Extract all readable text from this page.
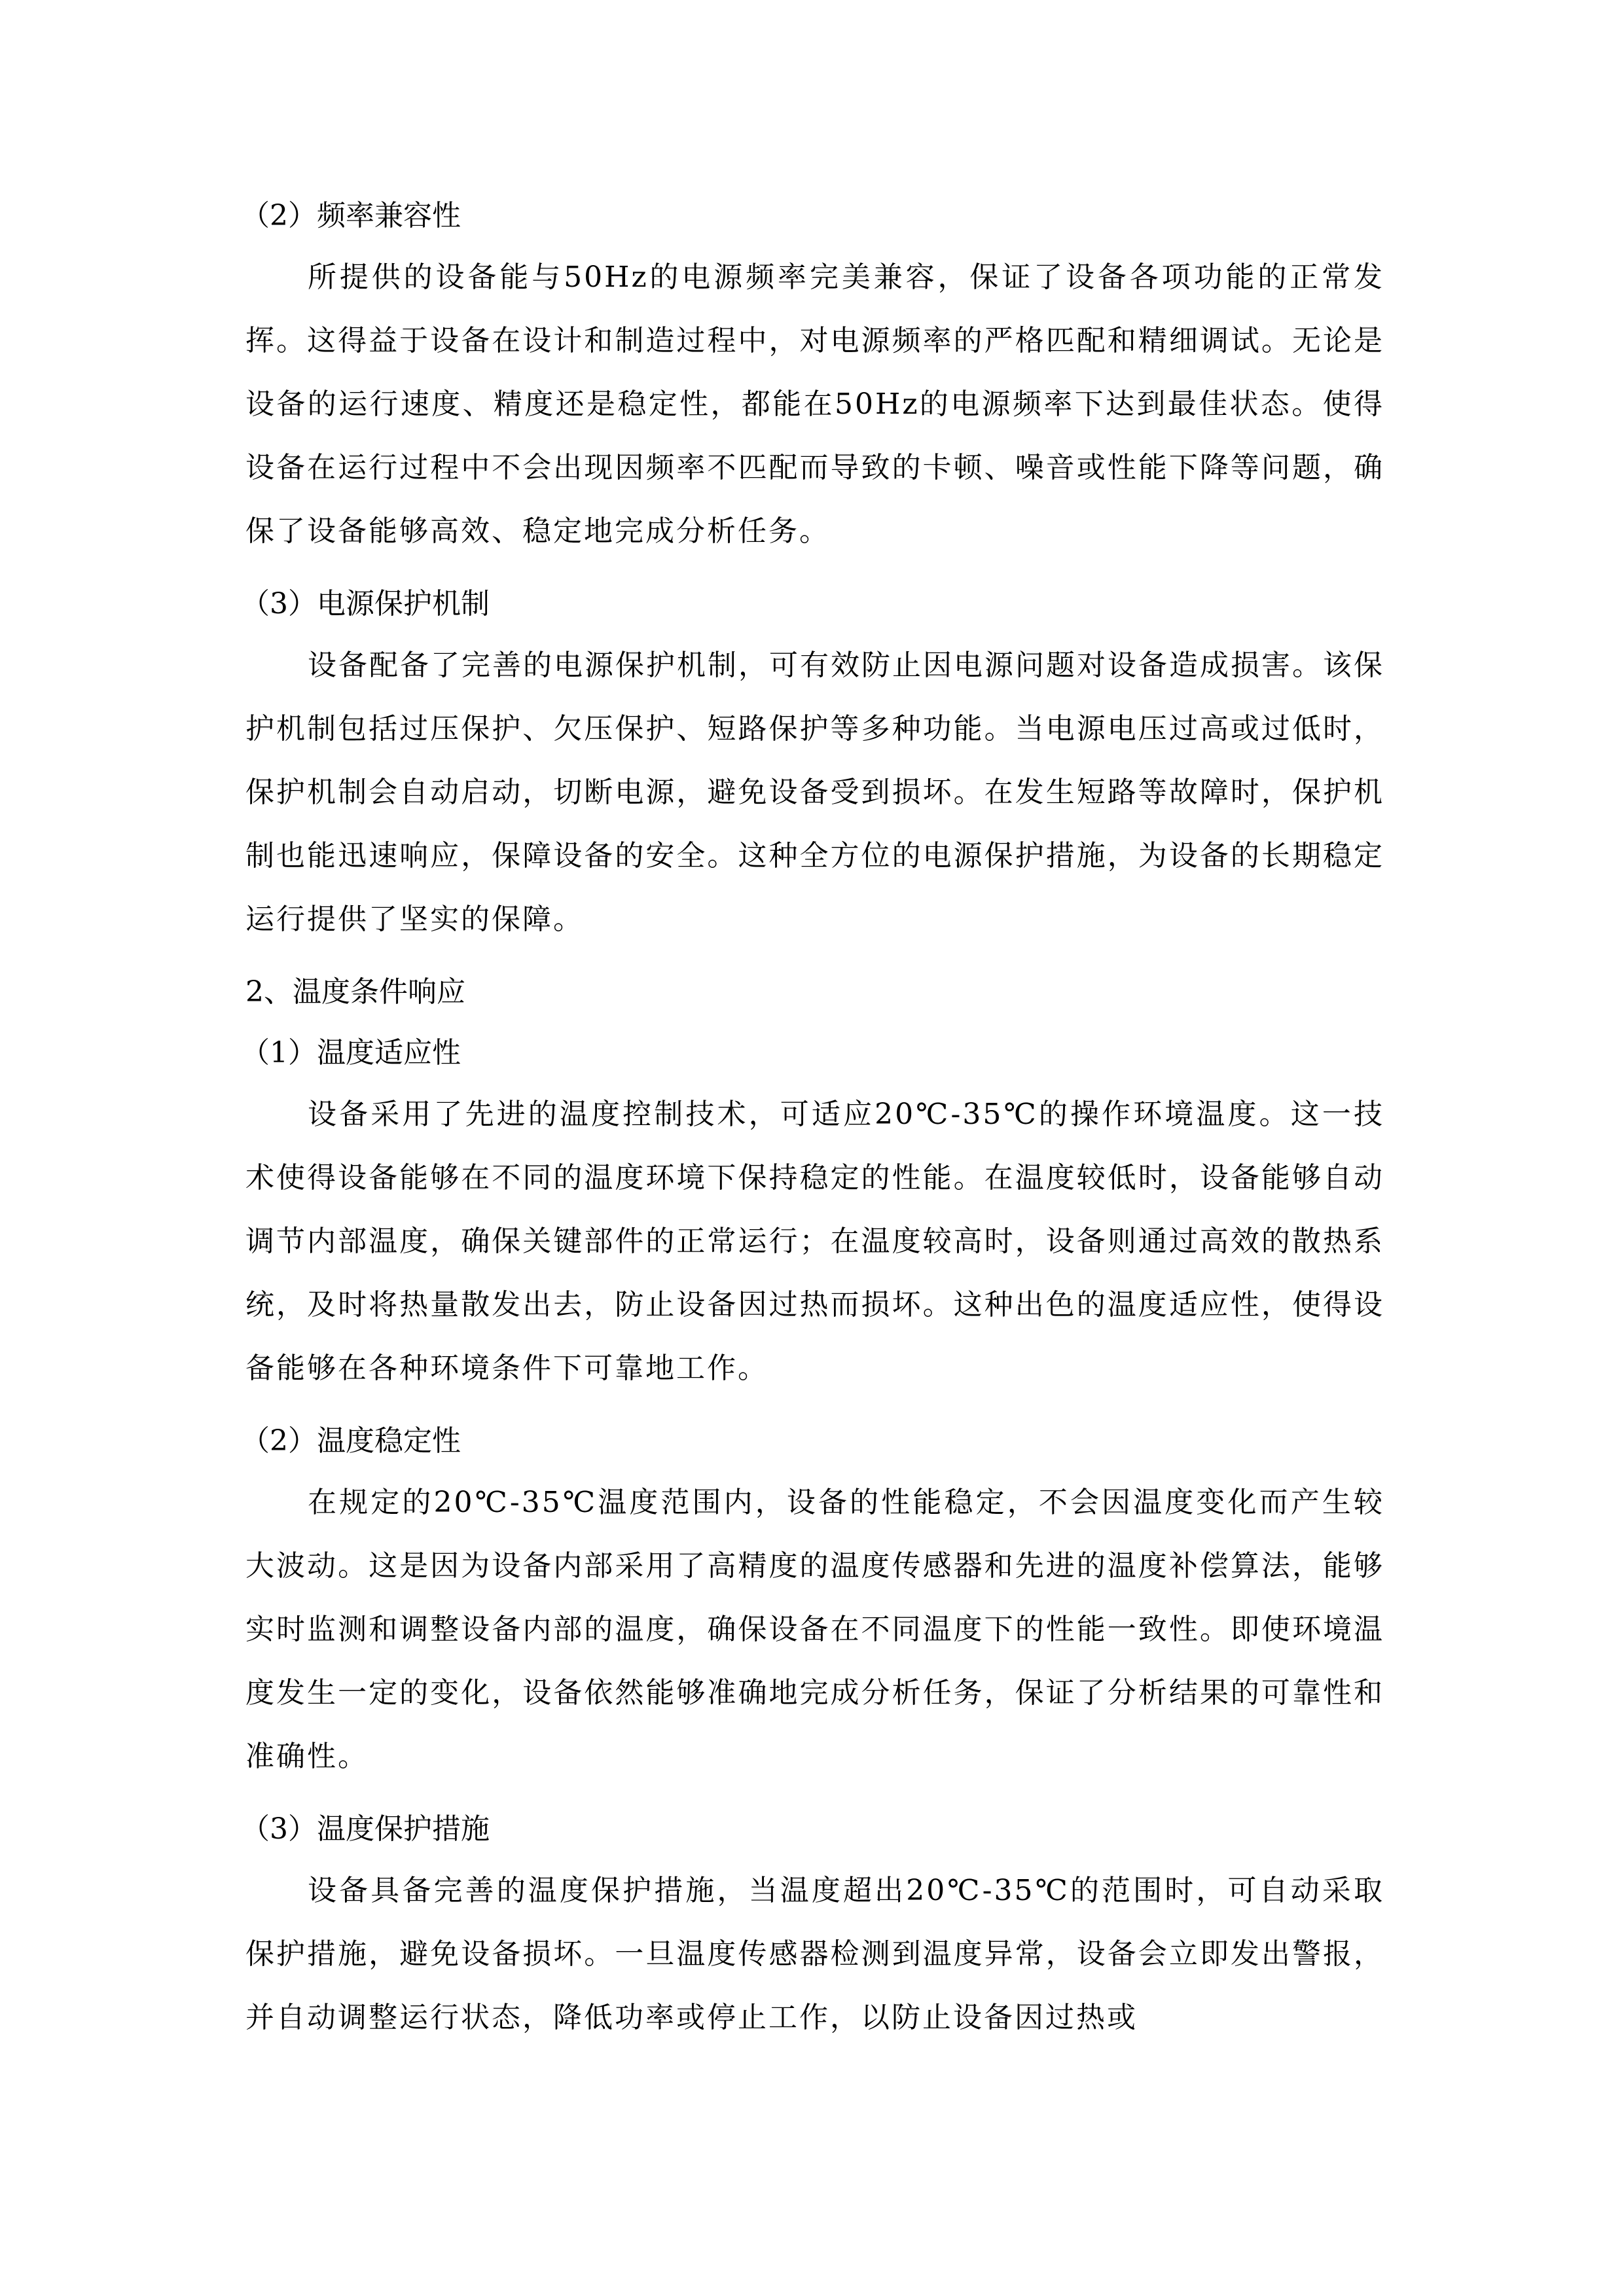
（2）频率兼容性

所提供的设备能与50Hz的电源频率完美兼容，保证了设备各项功能的正常发挥。这得益于设备在设计和制造过程中，对电源频率的严格匹配和精细调试。无论是设备的运行速度、精度还是稳定性，都能在50Hz的电源频率下达到最佳状态。使得设备在运行过程中不会出现因频率不匹配而导致的卡顿、噪音或性能下降等问题，确保了设备能够高效、稳定地完成分析任务。

（3）电源保护机制

设备配备了完善的电源保护机制，可有效防止因电源问题对设备造成损害。该保护机制包括过压保护、欠压保护、短路保护等多种功能。当电源电压过高或过低时，保护机制会自动启动，切断电源，避免设备受到损坏。在发生短路等故障时，保护机制也能迅速响应，保障设备的安全。这种全方位的电源保护措施，为设备的长期稳定运行提供了坚实的保障。

2、温度条件响应
（1）温度适应性

设备采用了先进的温度控制技术，可适应20℃-35℃的操作环境温度。这一技术使得设备能够在不同的温度环境下保持稳定的性能。在温度较低时，设备能够自动调节内部温度，确保关键部件的正常运行；在温度较高时，设备则通过高效的散热系统，及时将热量散发出去，防止设备因过热而损坏。这种出色的温度适应性，使得设备能够在各种环境条件下可靠地工作。

（2）温度稳定性

在规定的20℃-35℃温度范围内，设备的性能稳定，不会因温度变化而产生较大波动。这是因为设备内部采用了高精度的温度传感器和先进的温度补偿算法，能够实时监测和调整设备内部的温度，确保设备在不同温度下的性能一致性。即使环境温度发生一定的变化，设备依然能够准确地完成分析任务，保证了分析结果的可靠性和准确性。

（3）温度保护措施

设备具备完善的温度保护措施，当温度超出20℃-35℃的范围时，可自动采取保护措施，避免设备损坏。一旦温度传感器检测到温度异常，设备会立即发出警报，并自动调整运行状态，降低功率或停止工作，以防止设备因过热或
